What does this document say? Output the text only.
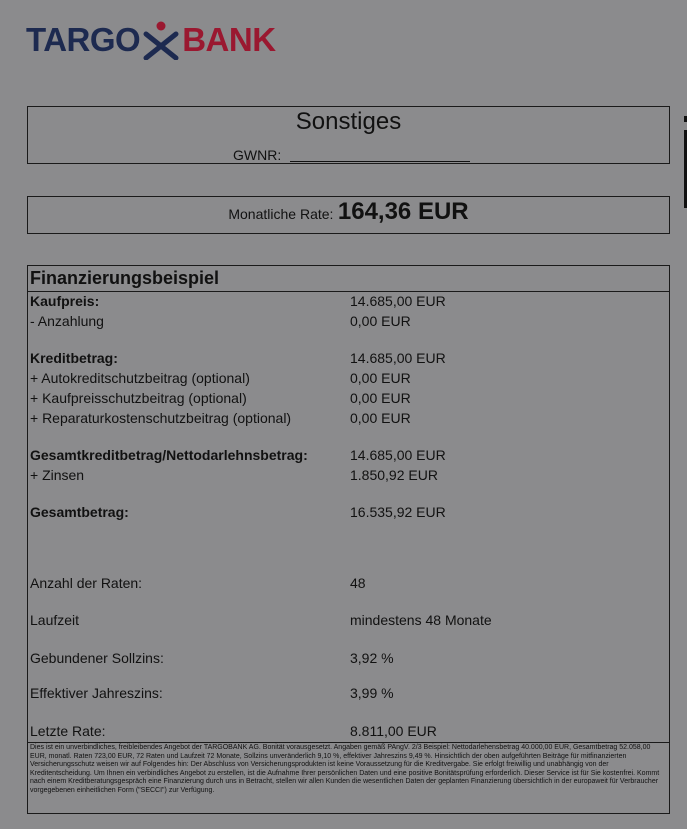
TARGO BANK
Sonstiges
GWNR:
Monatliche Rate: 164,36 EUR
Finanzierungsbeispiel
Kaufpreis:	14.685,00 EUR
- Anzahlung	0,00 EUR
Kreditbetrag:	14.685,00 EUR
+ Autokreditschutzbeitrag (optional)	0,00 EUR
+ Kaufpreisschutzbeitrag (optional)	0,00 EUR
+ Reparaturkostenschutzbeitrag (optional)	0,00 EUR
Gesamtkreditbetrag/Nettodarlehnsbetrag:	14.685,00 EUR
+ Zinsen	1.850,92 EUR
Gesamtbetrag:	16.535,92 EUR
Anzahl der Raten:	48
Laufzeit	mindestens 48 Monate
Gebundener Sollzins:	3,92 %
Effektiver Jahreszins:	3,99 %
Letzte Rate:	8.811,00 EUR
Dies ist ein unverbindliches, freibleibendes Angebot der TARGOBANK AG. Bonität vorausgesetzt. Angaben gemäß PAngV. 2/3 Beispiel: Nettodarlehensbetrag 40.000,00 EUR, Gesamtbetrag 52.058,00 EUR, monatl. Raten 723,00 EUR, 72 Raten und Laufzeit 72 Monate, Sollzins unveränderlich 9,10 %, effektiver Jahreszins 9,49 %. Hinsichtlich der oben aufgeführten Beiträge für mitfinanzierten Versicherungsschutz weisen wir auf Folgendes hin: Der Abschluss von Versicherungsprodukten ist keine Voraussetzung für die Kreditvergabe. Sie erfolgt freiwillig und unabhängig von der Kreditentscheidung. Um Ihnen ein verbindliches Angebot zu erstellen, ist die Aufnahme Ihrer persönlichen Daten und eine positive Bonitätsprüfung erforderlich. Dieser Service ist für Sie kostenfrei. Kommt nach einem Kreditberatungsgespräch eine Finanzierung durch uns in Betracht, stellen wir allen Kunden die wesentlichen Daten der geplanten Finanzierung übersichtlich in der europaweit für Verbraucher vorgegebenen einheitlichen Form ("SECCI") zur Verfügung.
